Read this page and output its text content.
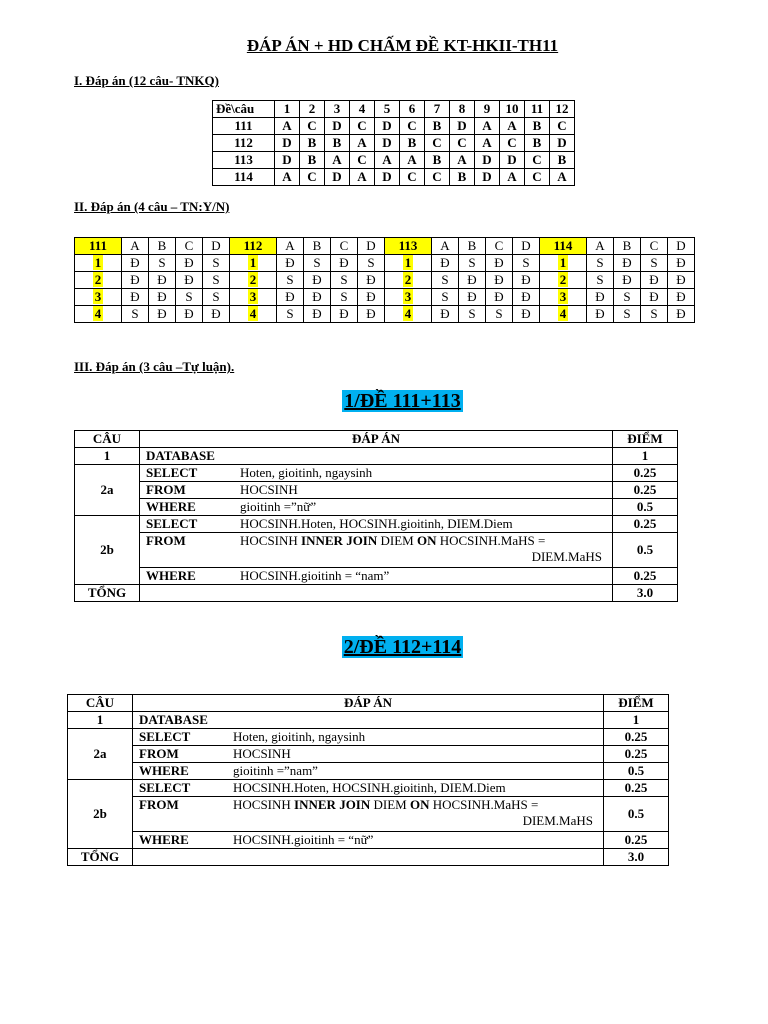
ĐÁP ÁN + HD CHẤM ĐỀ KT-HKII-TH11
I. Đáp án (12 câu- TNKQ)
Đề\câu	1	2	3	4	5	6	7	8	9	10	11	12
111	A	C	D	C	D	C	B	D	A	A	B	C
112	D	B	B	A	D	B	C	C	A	C	B	D
113	D	B	A	C	A	A	B	A	D	D	C	B
114	A	C	D	A	D	C	C	B	D	A	C	A
II. Đáp án (4 câu – TN:Y/N)
111	A	B	C	D	112	A	B	C	D	113	A	B	C	D	114	A	B	C	D
1	Đ	S	Đ	S	1	Đ	S	Đ	S	1	Đ	S	Đ	S	1	S	Đ	S	Đ
2	Đ	Đ	Đ	S	2	S	Đ	S	Đ	2	S	Đ	Đ	Đ	2	S	Đ	Đ	Đ
3	Đ	Đ	S	S	3	Đ	Đ	S	Đ	3	S	Đ	Đ	Đ	3	Đ	S	Đ	Đ
4	S	Đ	Đ	Đ	4	S	Đ	Đ	Đ	4	Đ	S	S	Đ	4	Đ	S	S	Đ
III. Đáp án (3 câu –Tự luận).
1/ĐỀ 111+113
CÂU	ĐÁP ÁN	ĐIỂM
1	DATABASE	1
2a	SELECT Hoten, gioitinh, ngaysinh	0.25
	FROM HOCSINH	0.25
	WHERE gioitinh =”nữ”	0.5
2b	SELECT HOCSINH.Hoten, HOCSINH.gioitinh, DIEM.Diem	0.25

	FROM HOCSINH INNER JOIN DIEM ON HOCSINH.MaHS =
DIEM.MaHS	0.5
	WHERE HOCSINH.gioitinh = “nam”	0.25
TỔNG		3.0
2/ĐỀ 112+114
CÂU	ĐÁP ÁN	ĐIỂM
1	DATABASE	1
2a	SELECT Hoten, gioitinh, ngaysinh	0.25
	FROM HOCSINH	0.25
	WHERE gioitinh =”nam”	0.5
2b	SELECT HOCSINH.Hoten, HOCSINH.gioitinh, DIEM.Diem	0.25

	FROM HOCSINH INNER JOIN DIEM ON HOCSINH.MaHS =
DIEM.MaHS	0.5
	WHERE HOCSINH.gioitinh = “nữ”	0.25
TỔNG		3.0
